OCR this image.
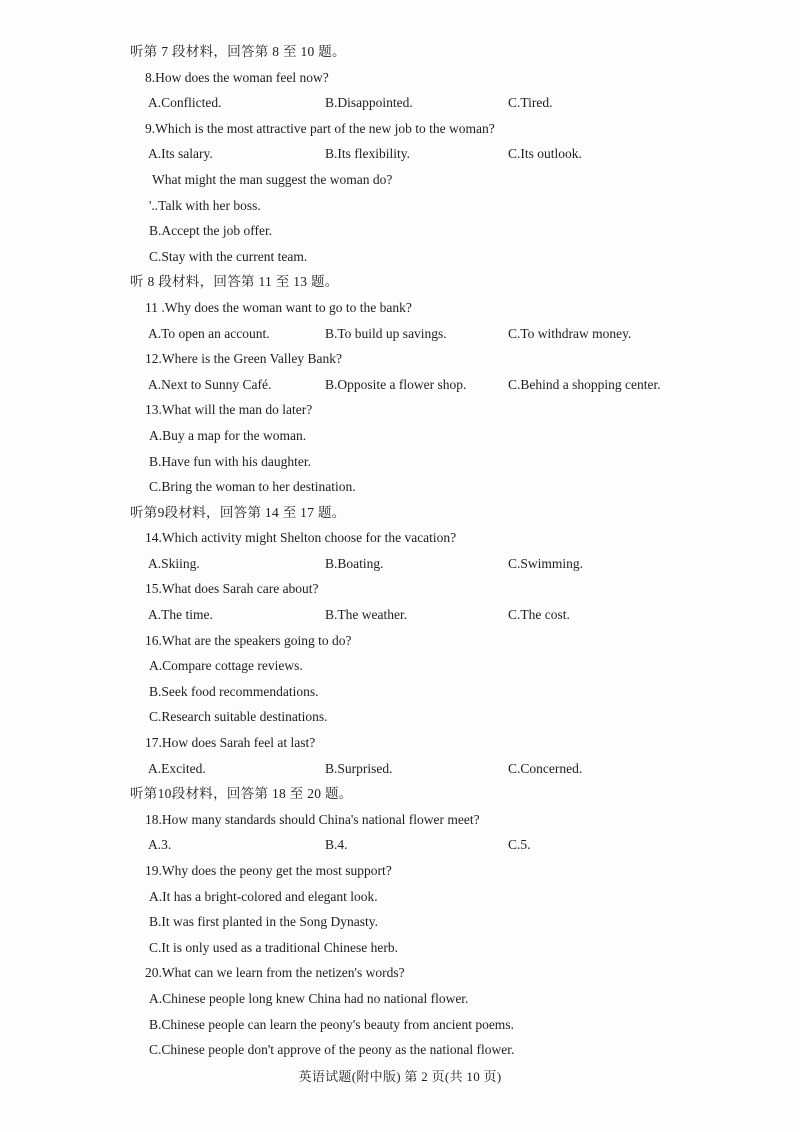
听第 7 段材料，回答第 8 至 10 题。
8.How does the woman feel now?
A.Conflicted.	B.Disappointed.	C.Tired.
9.Which is the most attractive part of the new job to the woman?
A.Its salary.	B.Its flexibility.	C.Its outlook.
What might the man suggest the woman do?
'..Talk with her boss.
B.Accept the job offer.
C.Stay with the current team.
听 8 段材料，回答第 11 至 13 题。
11 .Why does the woman want to go to the bank?
A.To open an account.	B.To build up savings.	C.To withdraw money.
12.Where is the Green Valley Bank?
A.Next to Sunny Café.	B.Opposite a flower shop.	C.Behind a shopping center.
13.What will the man do later?
A.Buy a map for the woman.
B.Have fun with his daughter.
C.Bring the woman to her destination.
听第9段材料，回答第 14 至 17 题。
14.Which activity might Shelton choose for the vacation?
A.Skiing.	B.Boating.	C.Swimming.
15.What does Sarah care about?
A.The time.	B.The weather.	C.The cost.
16.What are the speakers going to do?
A.Compare cottage reviews.
B.Seek food recommendations.
C.Research suitable destinations.
17.How does Sarah feel at last?
A.Excited.	B.Surprised.	C.Concerned.
听第10段材料，回答第 18 至 20 题。
18.How many standards should China's national flower meet?
A.3.	B.4.	C.5.
19.Why does the peony get the most support?
A.It has a bright-colored and elegant look.
B.It was first planted in the Song Dynasty.
C.It is only used as a traditional Chinese herb.
20.What can we learn from the netizen's words?
A.Chinese people long knew China had no national flower.
B.Chinese people can learn the peony's beauty from ancient poems.
C.Chinese people don't approve of the peony as the national flower.
英语试题(附中版) 第 2 页(共 10 页)
